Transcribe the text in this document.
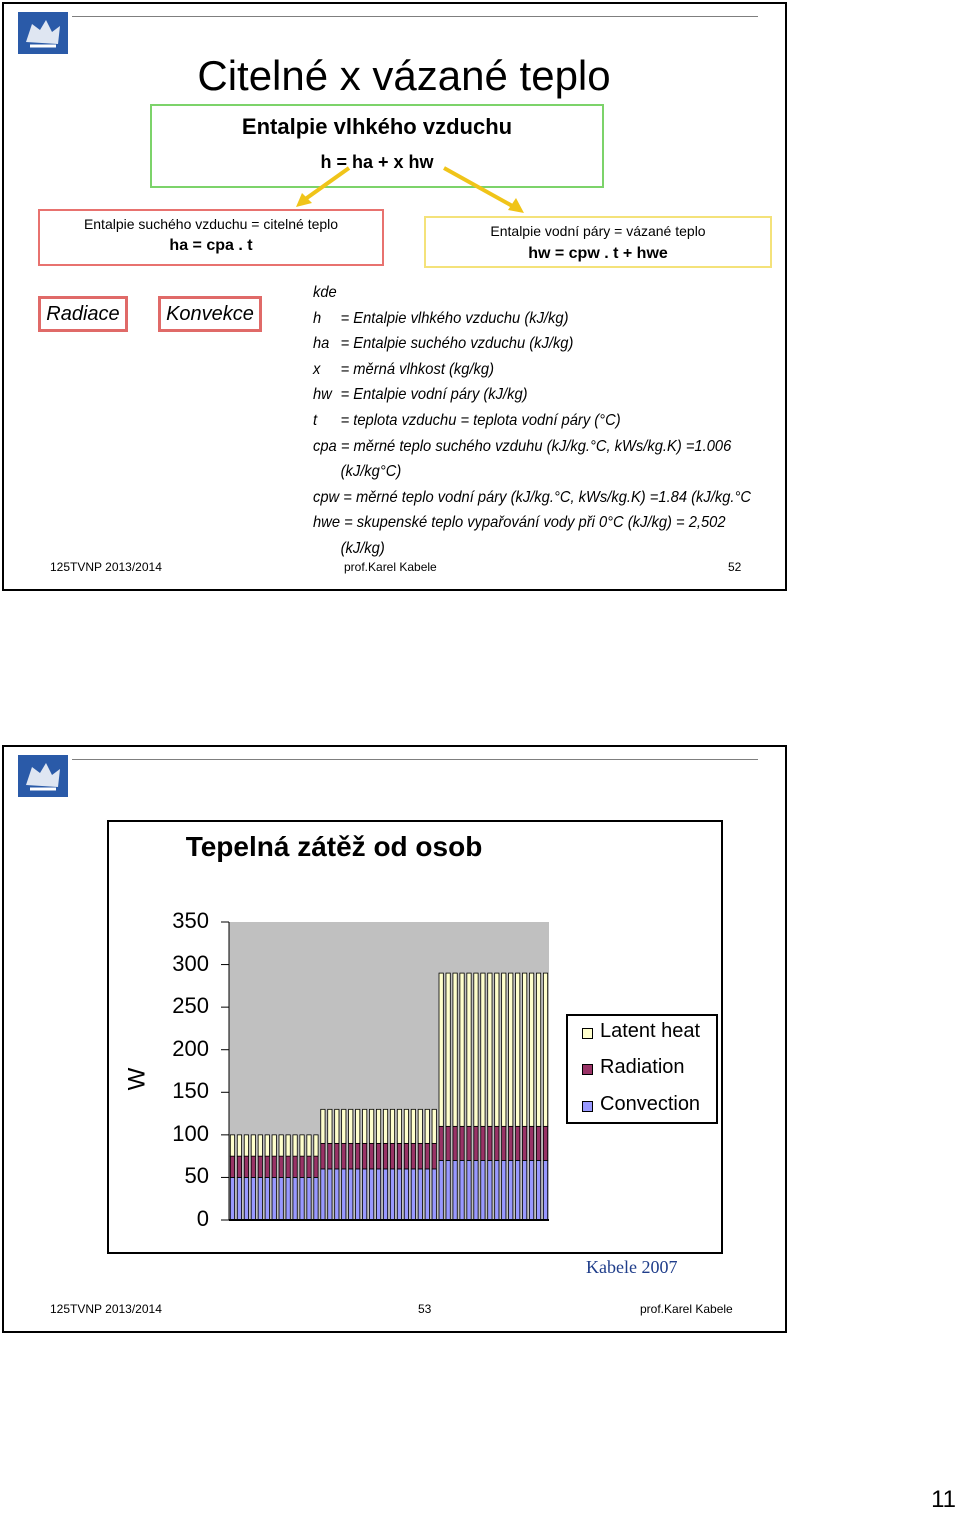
Citelné x vázané teplo
Entalpie vlhkého vzduchu
h = ha + x hw
Entalpie suchého vzduchu = citelné teplo
ha = cpa . t
Entalpie vodní páry = vázané teplo
hw = cpw . t + hwe
Radiace	Konvekce
kde
h	= Entalpie vlhkého vzduchu (kJ/kg)
ha = Entalpie suchého vzduchu (kJ/kg)
x	= měrná vlhkost (kg/kg)
hw = Entalpie vodní páry (kJ/kg)
t	= teplota vzduchu = teplota vodní páry (°C)
cpa = měrné teplo suchého vzduhu (kJ/kg.°C, kWs/kg.K) =1.006
(kJ/kg°C)
cpw = měrné teplo vodní páry (kJ/kg.°C, kWs/kg.K) =1.84 (kJ/kg.°C
hwe = skupenské teplo vypařování vody při 0°C (kJ/kg) = 2,502
(kJ/kg)
125TVNP 2013/2014	prof.Karel Kabele	52
Tepelná zátěž od osob
W
0
50
100
150
200
250
300
350
Latent heat
Radiation
Convection
Kabele 2007
125TVNP 2013/2014	53	prof.Karel Kabele
11
